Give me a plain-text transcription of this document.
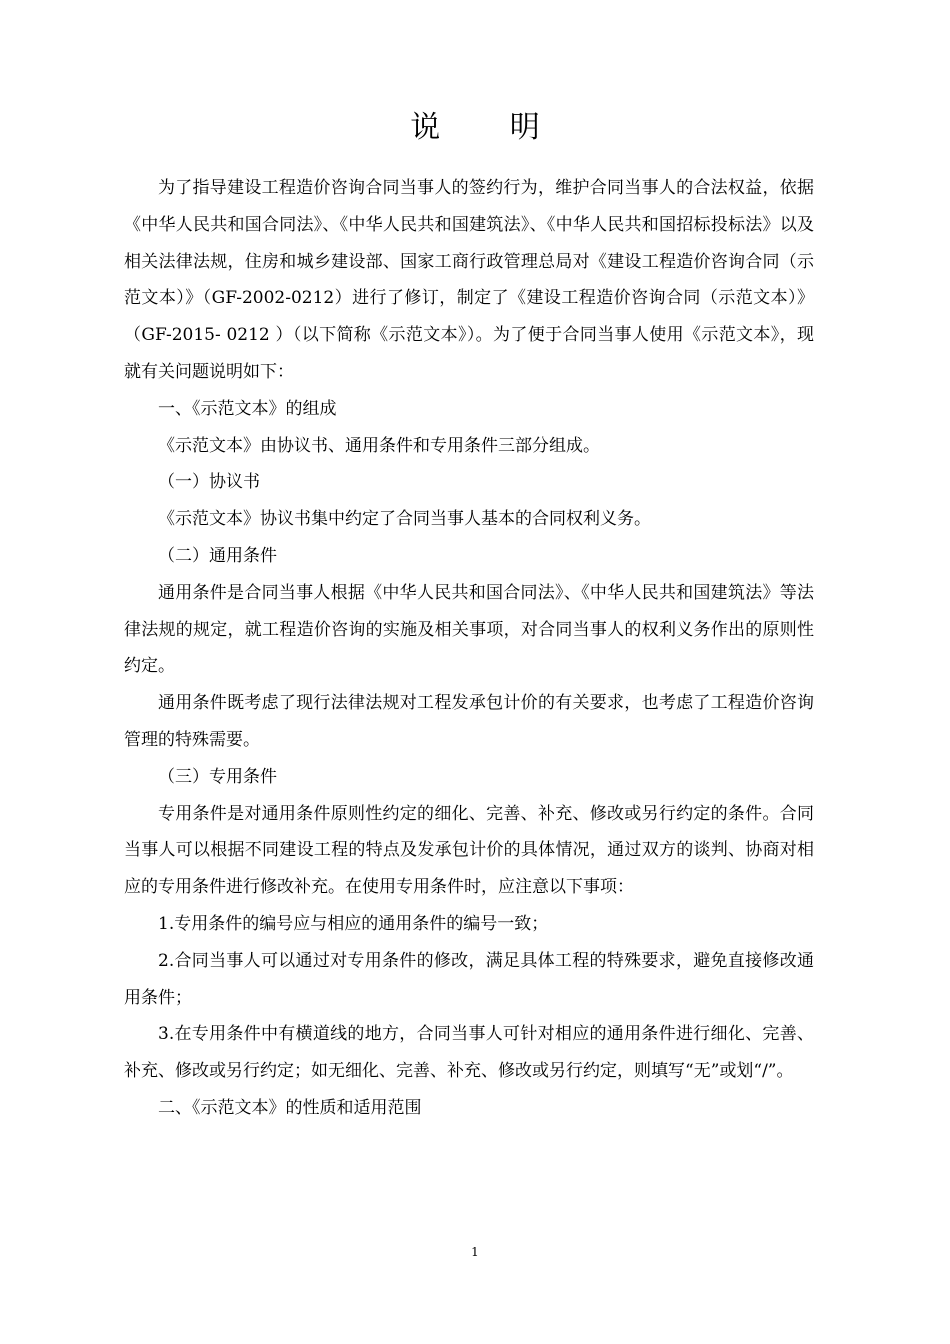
说 明

为了指导建设工程造价咨询合同当事人的签约行为，维护合同当事人的合法权益，依据《中华人民共和国合同法》、《中华人民共和国建筑法》、《中华人民共和国招标投标法》以及相关法律法规，住房和城乡建设部、国家工商行政管理总局对《建设工程造价咨询合同（示范文本）》（GF-2002-0212）进行了修订，制定了《建设工程造价咨询合同（示范文本）》（GF-2015- 0212 ）（以下简称《示范文本》）。为了便于合同当事人使用《示范文本》，现就有关问题说明如下：

一、《示范文本》的组成

《示范文本》由协议书、通用条件和专用条件三部分组成。

（一）协议书

《示范文本》协议书集中约定了合同当事人基本的合同权利义务。

（二）通用条件

通用条件是合同当事人根据《中华人民共和国合同法》、《中华人民共和国建筑法》等法律法规的规定，就工程造价咨询的实施及相关事项，对合同当事人的权利义务作出的原则性约定。

通用条件既考虑了现行法律法规对工程发承包计价的有关要求，也考虑了工程造价咨询管理的特殊需要。

（三）专用条件

专用条件是对通用条件原则性约定的细化、完善、补充、修改或另行约定的条件。合同当事人可以根据不同建设工程的特点及发承包计价的具体情况，通过双方的谈判、协商对相应的专用条件进行修改补充。在使用专用条件时，应注意以下事项：

1.专用条件的编号应与相应的通用条件的编号一致；

2.合同当事人可以通过对专用条件的修改，满足具体工程的特殊要求，避免直接修改通用条件；

3.在专用条件中有横道线的地方，合同当事人可针对相应的通用条件进行细化、完善、补充、修改或另行约定；如无细化、完善、补充、修改或另行约定，则填写“无”或划“/”。

二、《示范文本》的性质和适用范围

1
